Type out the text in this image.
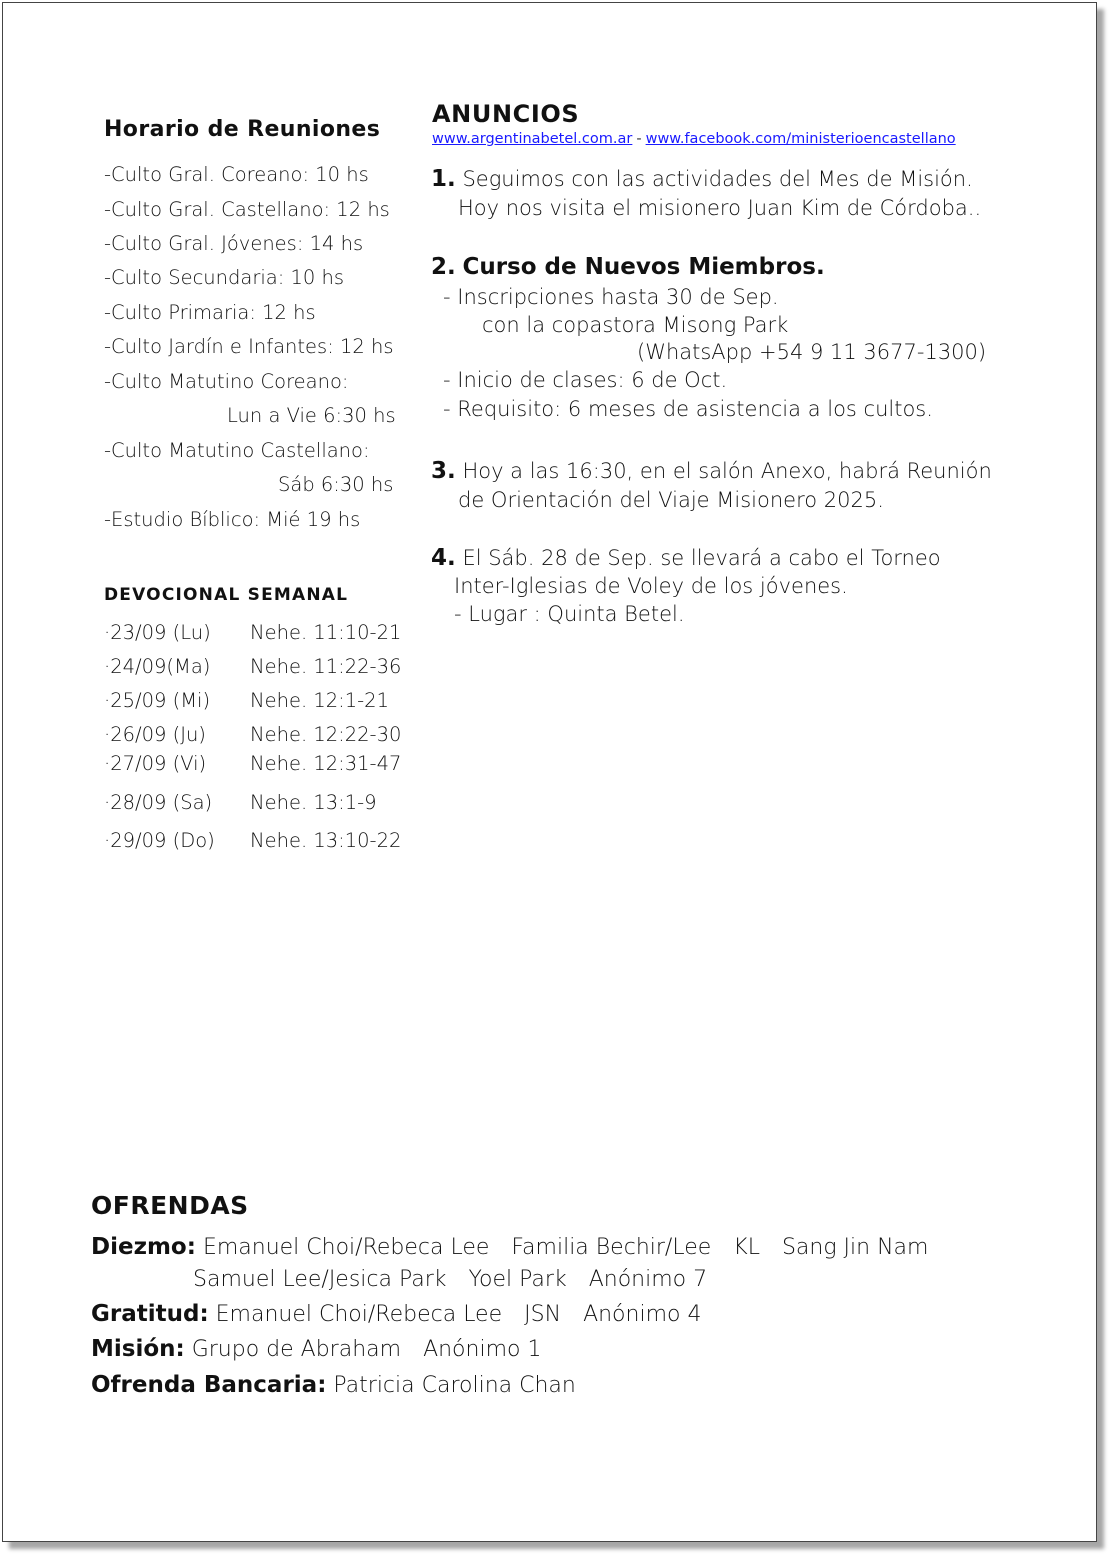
Horario de Reuniones
-Culto Gral. Coreano: 10 hs
-Culto Gral. Castellano: 12 hs
-Culto Gral. Jóvenes: 14 hs
-Culto Secundaria: 10 hs
-Culto Primaria: 12 hs
-Culto Jardín e Infantes: 12 hs
-Culto Matutino Coreano:
Lun a Vie 6:30 hs
-Culto Matutino Castellano:
Sáb 6:30 hs
-Estudio Bíblico: Mié 19 hs
DEVOCIONAL SEMANAL
·23/09 (Lu) Nehe. 11:10-21
·24/09(Ma) Nehe. 11:22-36
·25/09 (Mi) Nehe. 12:1-21
·26/09 (Ju) Nehe. 12:22-30
·27/09 (Vi) Nehe. 12:31-47
·28/09 (Sa) Nehe. 13:1-9
·29/09 (Do) Nehe. 13:10-22
ANUNCIOS
www.argentinabetel.com.ar - www.facebook.com/ministerioencastellano
1. Seguimos con las actividades del Mes de Misión.
Hoy nos visita el misionero Juan Kim de Córdoba..
2. Curso de Nuevos Miembros.
- Inscripciones hasta 30 de Sep.
con la copastora Misong Park
(WhatsApp +54 9 11 3677-1300)
- Inicio de clases: 6 de Oct.
- Requisito: 6 meses de asistencia a los cultos.
3. Hoy a las 16:30, en el salón Anexo, habrá Reunión
de Orientación del Viaje Misionero 2025.
4. El Sáb. 28 de Sep. se llevará a cabo el Torneo
Inter-Iglesias de Voley de los jóvenes.
- Lugar : Quinta Betel.
OFRENDAS
Diezmo: Emanuel Choi/Rebeca Lee Familia Bechir/Lee KL Sang Jin Nam
Samuel Lee/Jesica Park Yoel Park Anónimo 7
Gratitud: Emanuel Choi/Rebeca Lee JSN Anónimo 4
Misión: Grupo de Abraham Anónimo 1
Ofrenda Bancaria: Patricia Carolina Chan
